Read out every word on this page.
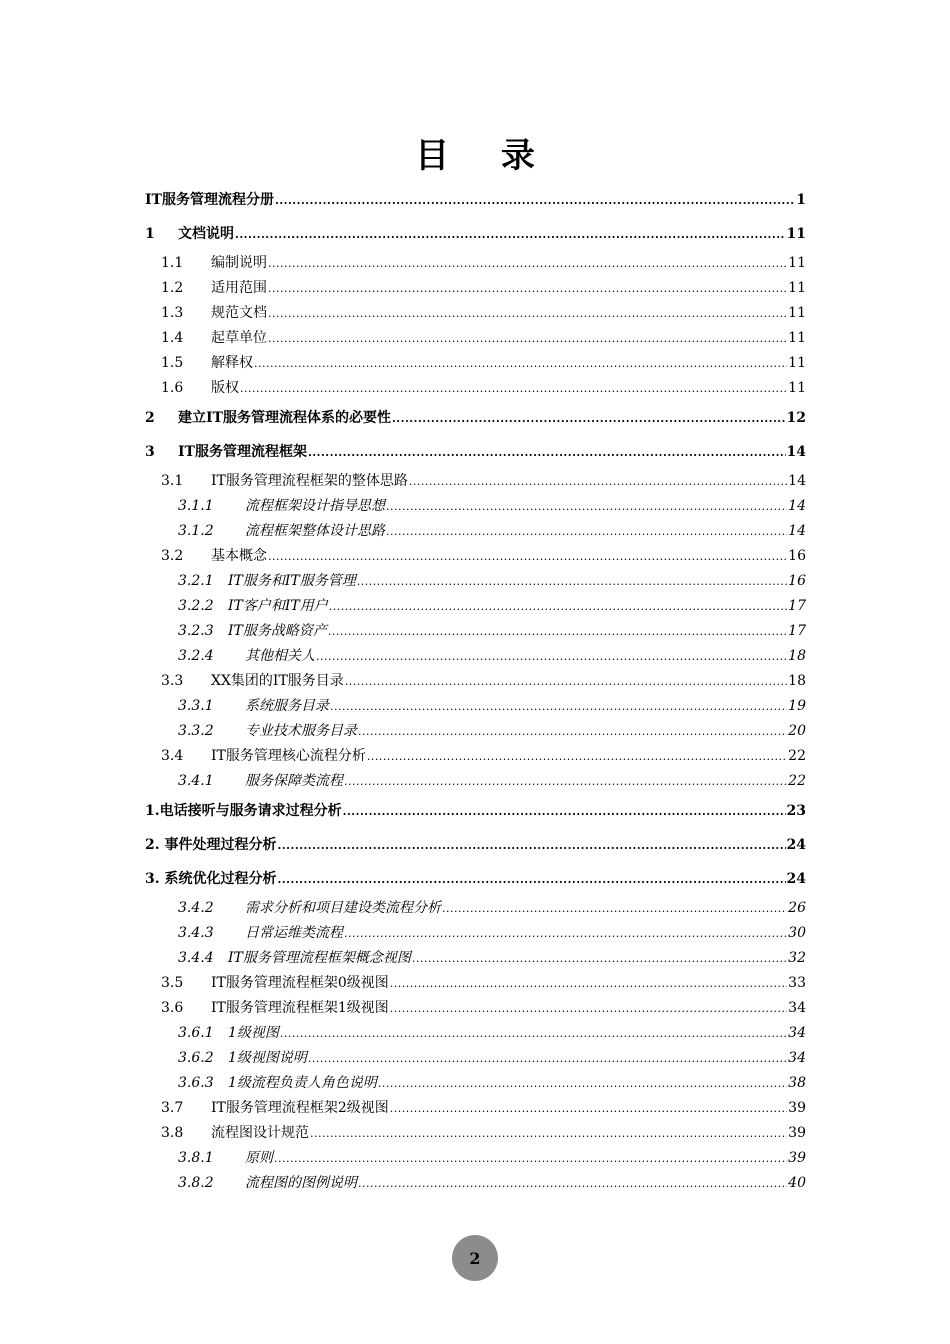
目 录
IT服务管理流程分册 .....	1
1	文档说明 .....	11
1.1	编制说明 .....	11
1.2	适用范围 .....	11
1.3	规范文档 .....	11
1.4	起草单位 .....	11
1.5	解释权 .....	11
1.6	版权 .....	11
2	建立IT服务管理流程体系的必要性 .....	12
3	IT服务管理流程框架 .....	14
3.1	IT服务管理流程框架的整体思路 .....	14
3.1.1	流程框架设计指导思想 .....	14
3.1.2	流程框架整体设计思路 .....	14
3.2	基本概念 .....	16
3.2.1	IT服务和IT服务管理 .....	16
3.2.2	IT客户和IT用户 .....	17
3.2.3	IT服务战略资产 .....	17
3.2.4	其他相关人 .....	18
3.3	XX集团的IT服务目录 .....	18
3.3.1	系统服务目录 .....	19
3.3.2	专业技术服务目录 .....	20
3.4	IT服务管理核心流程分析 .....	22
3.4.1	服务保障类流程 .....	22
1.电话接听与服务请求过程分析 .....	23
2. 事件处理过程分析 .....	24
3. 系统优化过程分析 .....	24
3.4.2	需求分析和项目建设类流程分析 .....	26
3.4.3	日常运维类流程 .....	30
3.4.4	IT服务管理流程框架概念视图 .....	32
3.5	IT服务管理流程框架0级视图 .....	33
3.6	IT服务管理流程框架1级视图 .....	34
3.6.1	1级视图 .....	34
3.6.2	1级视图说明 .....	34
3.6.3	1级流程负责人角色说明 .....	38
3.7	IT服务管理流程框架2级视图 .....	39
3.8	流程图设计规范 .....	39
3.8.1	原则 .....	39
3.8.2	流程图的图例说明 .....	40
2
